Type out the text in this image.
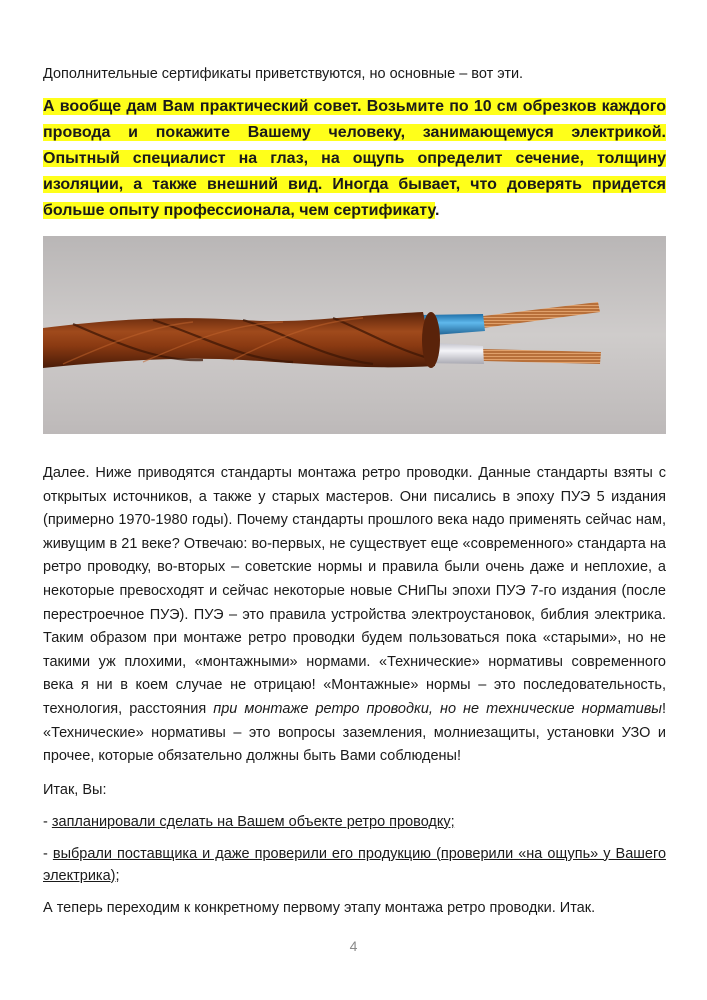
Дополнительные сертификаты приветствуются, но основные – вот эти.

А вообще дам Вам практический совет. Возьмите по 10 см обрезков каждого провода и покажите Вашему человеку, занимающемуся электрикой. Опытный специалист на глаз, на ощупь определит сечение, толщину изоляции, а также внешний вид. Иногда бывает, что доверять придется больше опыту профессионала, чем сертификату.

Далее. Ниже приводятся стандарты монтажа ретро проводки. Данные стандарты взяты с открытых источников, а также у старых мастеров. Они писались в эпоху ПУЭ 5 издания (примерно 1970-1980 годы). Почему стандарты прошлого века надо применять сейчас нам, живущим в 21 веке? Отвечаю: во-первых, не существует еще «современного» стандарта на ретро проводку, во-вторых – советские нормы и правила были очень даже и неплохие, а некоторые превосходят и сейчас некоторые новые СНиПы эпохи ПУЭ 7-го издания (после перестроечное ПУЭ). ПУЭ – это правила устройства электроустановок, библия электрика. Таким образом при монтаже ретро проводки будем пользоваться пока «старыми», но не такими уж плохими, «монтажными» нормами. «Технические» нормативы современного века я ни в коем случае не отрицаю! «Монтажные» нормы – это последовательность, технология, расстояния при монтаже ретро проводки, но не технические нормативы! «Технические» нормативы – это вопросы заземления, молниезащиты, установки УЗО и прочее, которые обязательно должны быть Вами соблюдены!

Итак, Вы:

- запланировали сделать на Вашем объекте ретро проводку;

- выбрали поставщика и даже проверили его продукцию (проверили «на ощупь» у Вашего электрика);

А теперь переходим к конкретному первому этапу монтажа ретро проводки. Итак.

4
